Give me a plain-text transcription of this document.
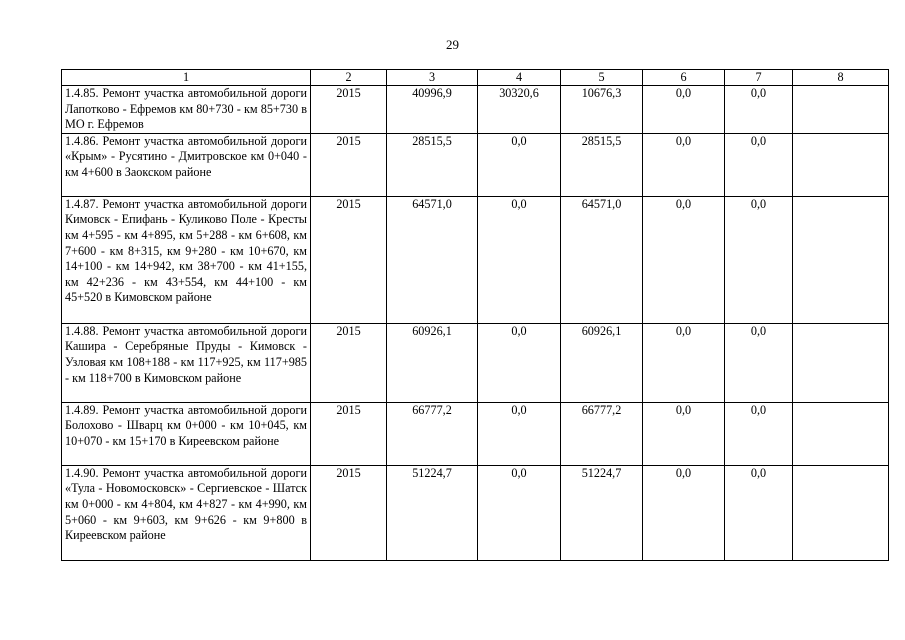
29
1	2	3	4	5	6	7	8
1.4.85. Ремонт участка автомобильной дороги Лапотково - Ефремов км 80+730 - км 85+730 в МО г. Ефремов	2015	40996,9	30320,6	10676,3	0,0	0,0	
1.4.86. Ремонт участка автомобильной дороги «Крым» - Русятино - Дмитровское км 0+040 - км 4+600 в Заокском районе	2015	28515,5	0,0	28515,5	0,0	0,0	
1.4.87. Ремонт участка автомобильной дороги Кимовск - Епифань - Куликово Поле - Кресты км 4+595 - км 4+895, км 5+288 - км 6+608, км 7+600 - км 8+315, км 9+280 - км 10+670, км 14+100 - км 14+942, км 38+700 - км 41+155, км 42+236 - км 43+554, км 44+100 - км 45+520 в Кимовском районе	2015	64571,0	0,0	64571,0	0,0	0,0	
1.4.88. Ремонт участка автомобильной дороги Кашира - Серебряные Пруды - Кимовск - Узловая км 108+188 - км 117+925, км 117+985 - км 118+700 в Кимовском районе	2015	60926,1	0,0	60926,1	0,0	0,0	
1.4.89. Ремонт участка автомобильной дороги Болохово - Шварц км 0+000 - км 10+045, км 10+070 - км 15+170 в Киреевском районе	2015	66777,2	0,0	66777,2	0,0	0,0	
1.4.90. Ремонт участка автомобильной дороги «Тула - Новомосковск» - Сергиевское - Шатск км 0+000 - км 4+804, км 4+827 - км 4+990, км 5+060 - км 9+603, км 9+626 - км 9+800 в Киреевском районе	2015	51224,7	0,0	51224,7	0,0	0,0	
